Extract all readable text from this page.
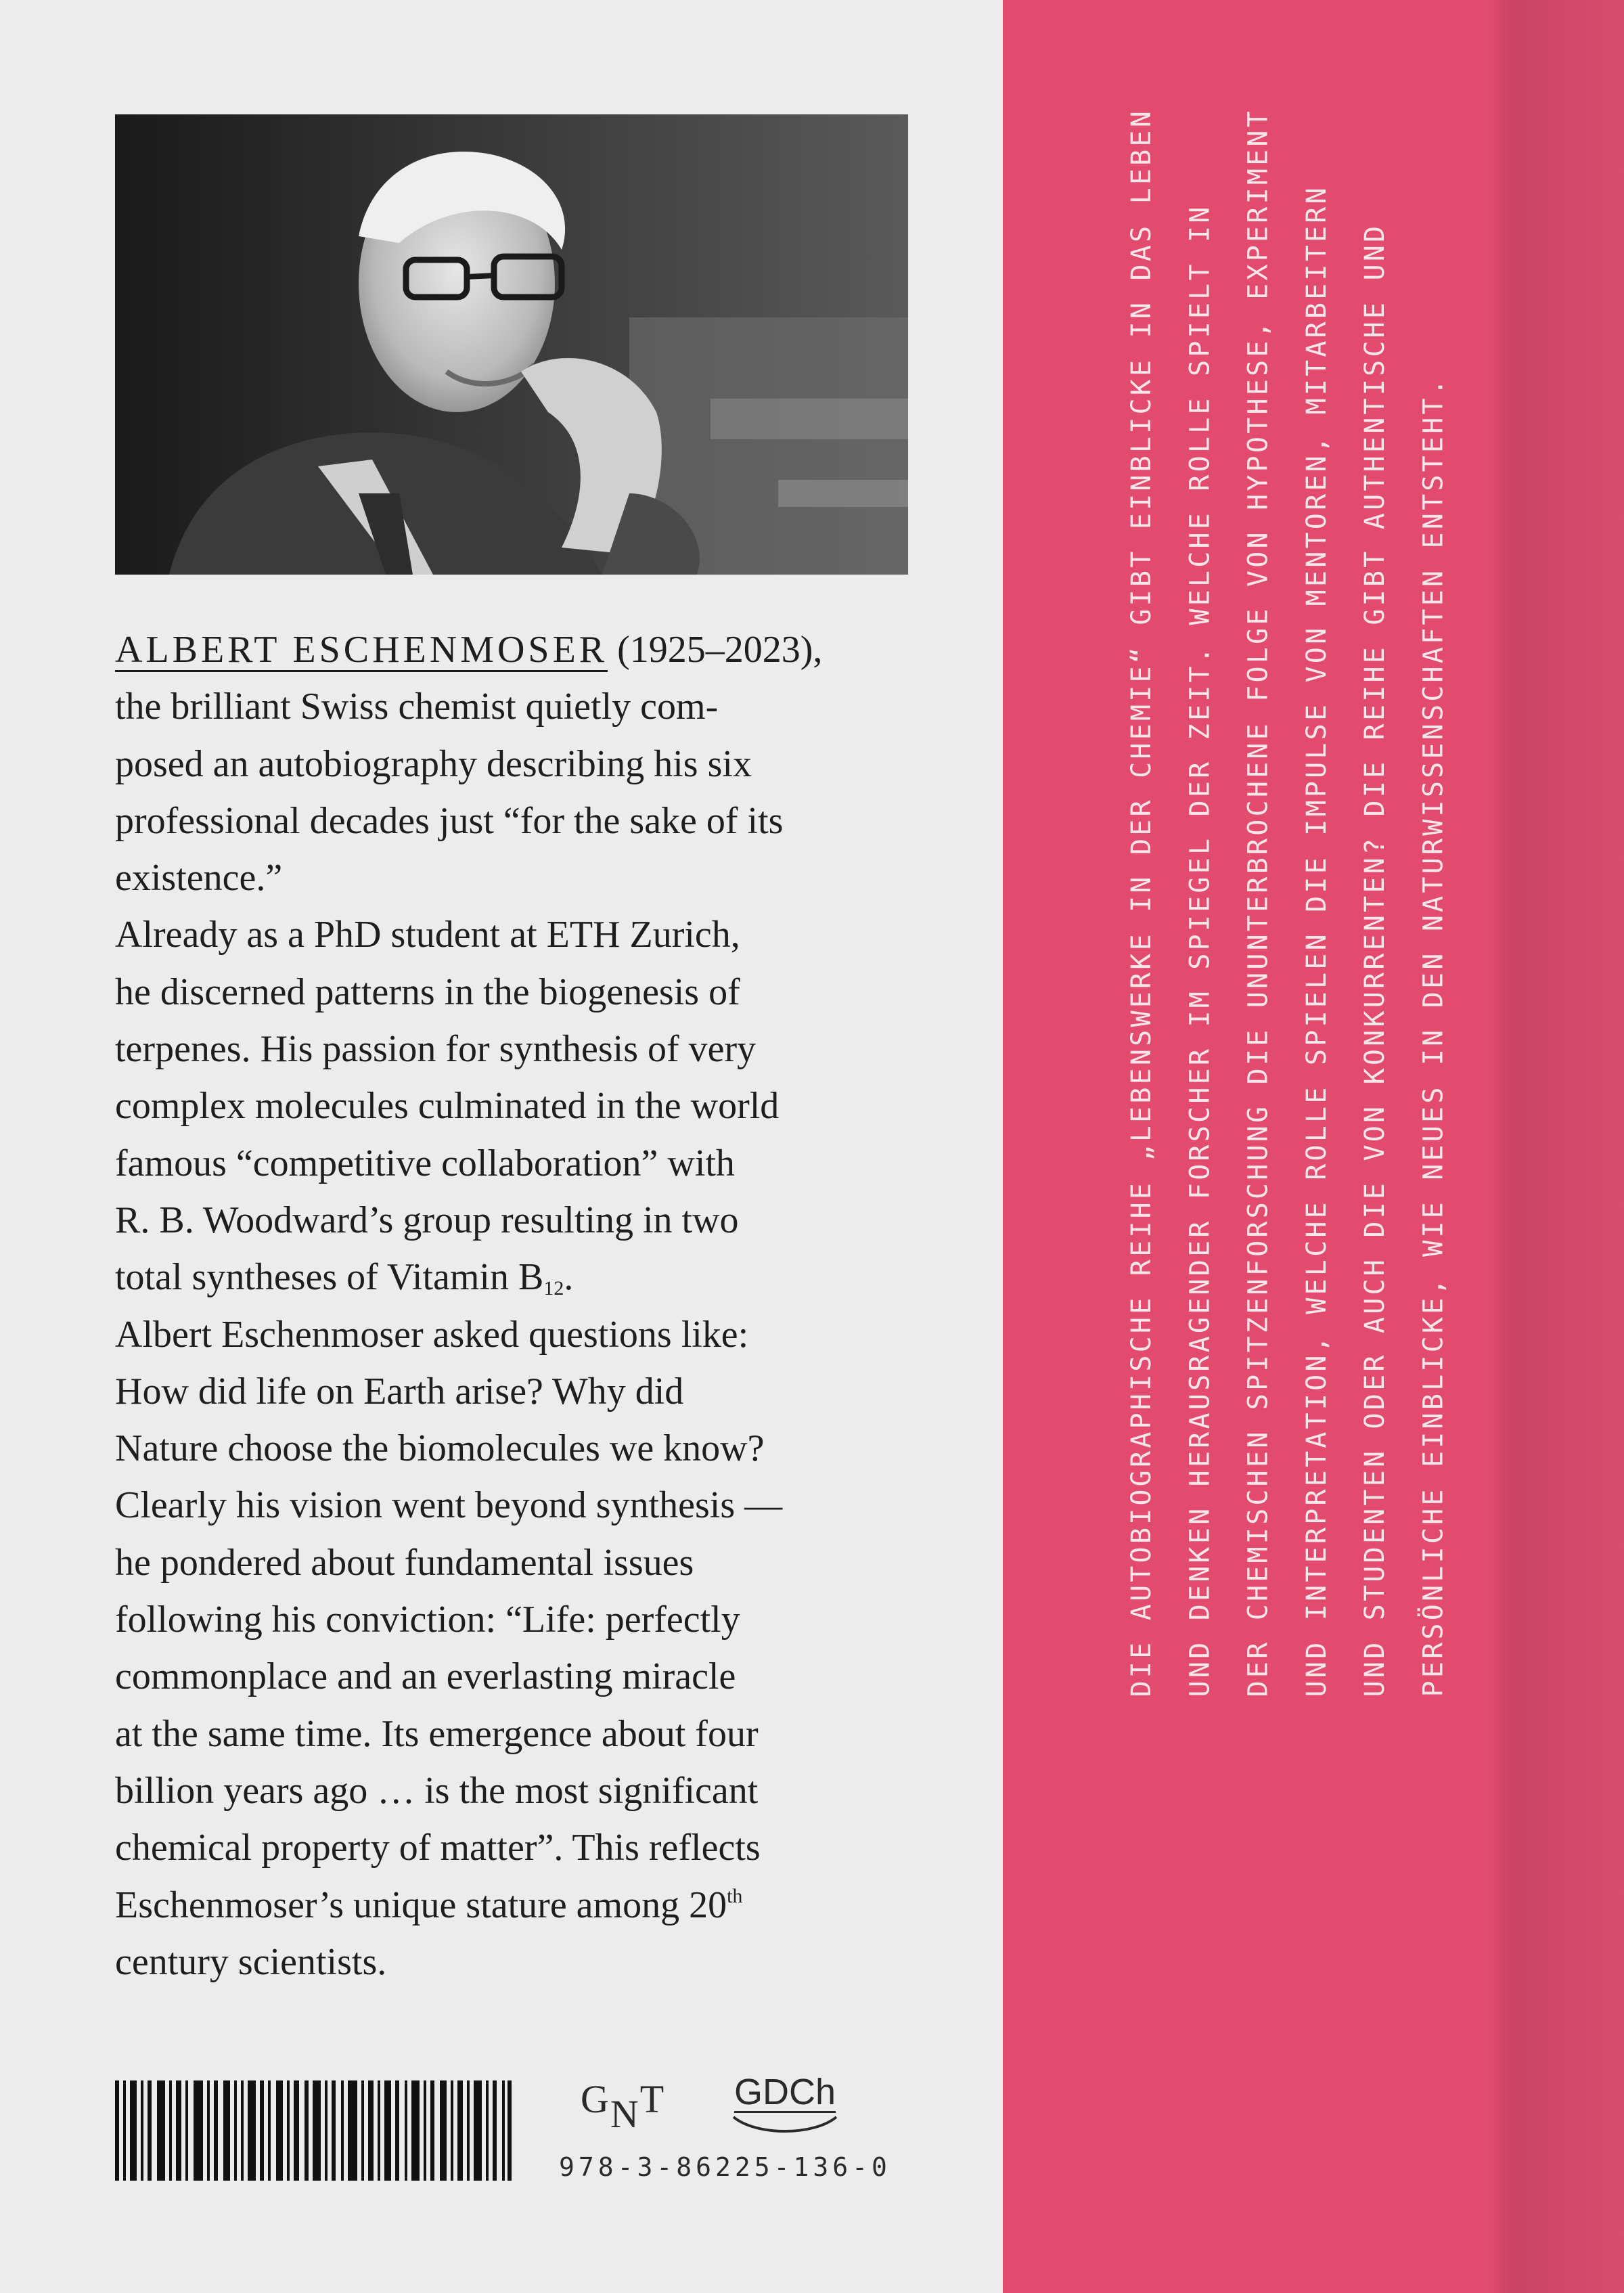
ALBERT ESCHENMOSER (1925–2023),

the brilliant Swiss chemist quietly com-

posed an autobiography describing his six

professional decades just “for the sake of its

existence.”

Already as a PhD student at ETH Zurich,

he discerned patterns in the biogenesis of

terpenes. His passion for synthesis of very

complex molecules culminated in the world

famous “competitive collaboration” with

R. B. Woodward’s group resulting in two

total syntheses of Vitamin $B_{12}$.

Albert Eschenmoser asked questions like:

How did life on Earth arise? Why did

Nature choose the biomolecules we know?

Clearly his vision went beyond synthesis —

he pondered about fundamental issues

following his conviction: “Life: perfectly

commonplace and an everlasting miracle

at the same time. Its emergence about four

billion years ago … is the most significant

chemical property of matter”. This reflects

Eschenmoser’s unique stature among 20th

century scientists.

GNT GDCh
978-3-86225-136-0
DIE AUTOBIOGRAPHISCHE REIHE „LEBENSWERKE IN DER CHEMIE“ GIBT EINBLICKE IN DAS LEBEN	UND DENKEN HERAUSRAGENDER FORSCHER IM SPIEGEL DER ZEIT. WELCHE ROLLE SPIELT IN	DER CHEMISCHEN SPITZENFORSCHUNG DIE UNUNTERBROCHENE FOLGE VON HYPOTHESE, EXPERIMENT	UND INTERPRETATION, WELCHE ROLLE SPIELEN DIE IMPULSE VON MENTOREN, MITARBEITERN	UND STUDENTEN ODER AUCH DIE VON KONKURRENTEN? DIE REIHE GIBT AUTHENTISCHE UND	PERSÖNLICHE EINBLICKE, WIE NEUES IN DEN NATURWISSENSCHAFTEN ENTSTEHT.
